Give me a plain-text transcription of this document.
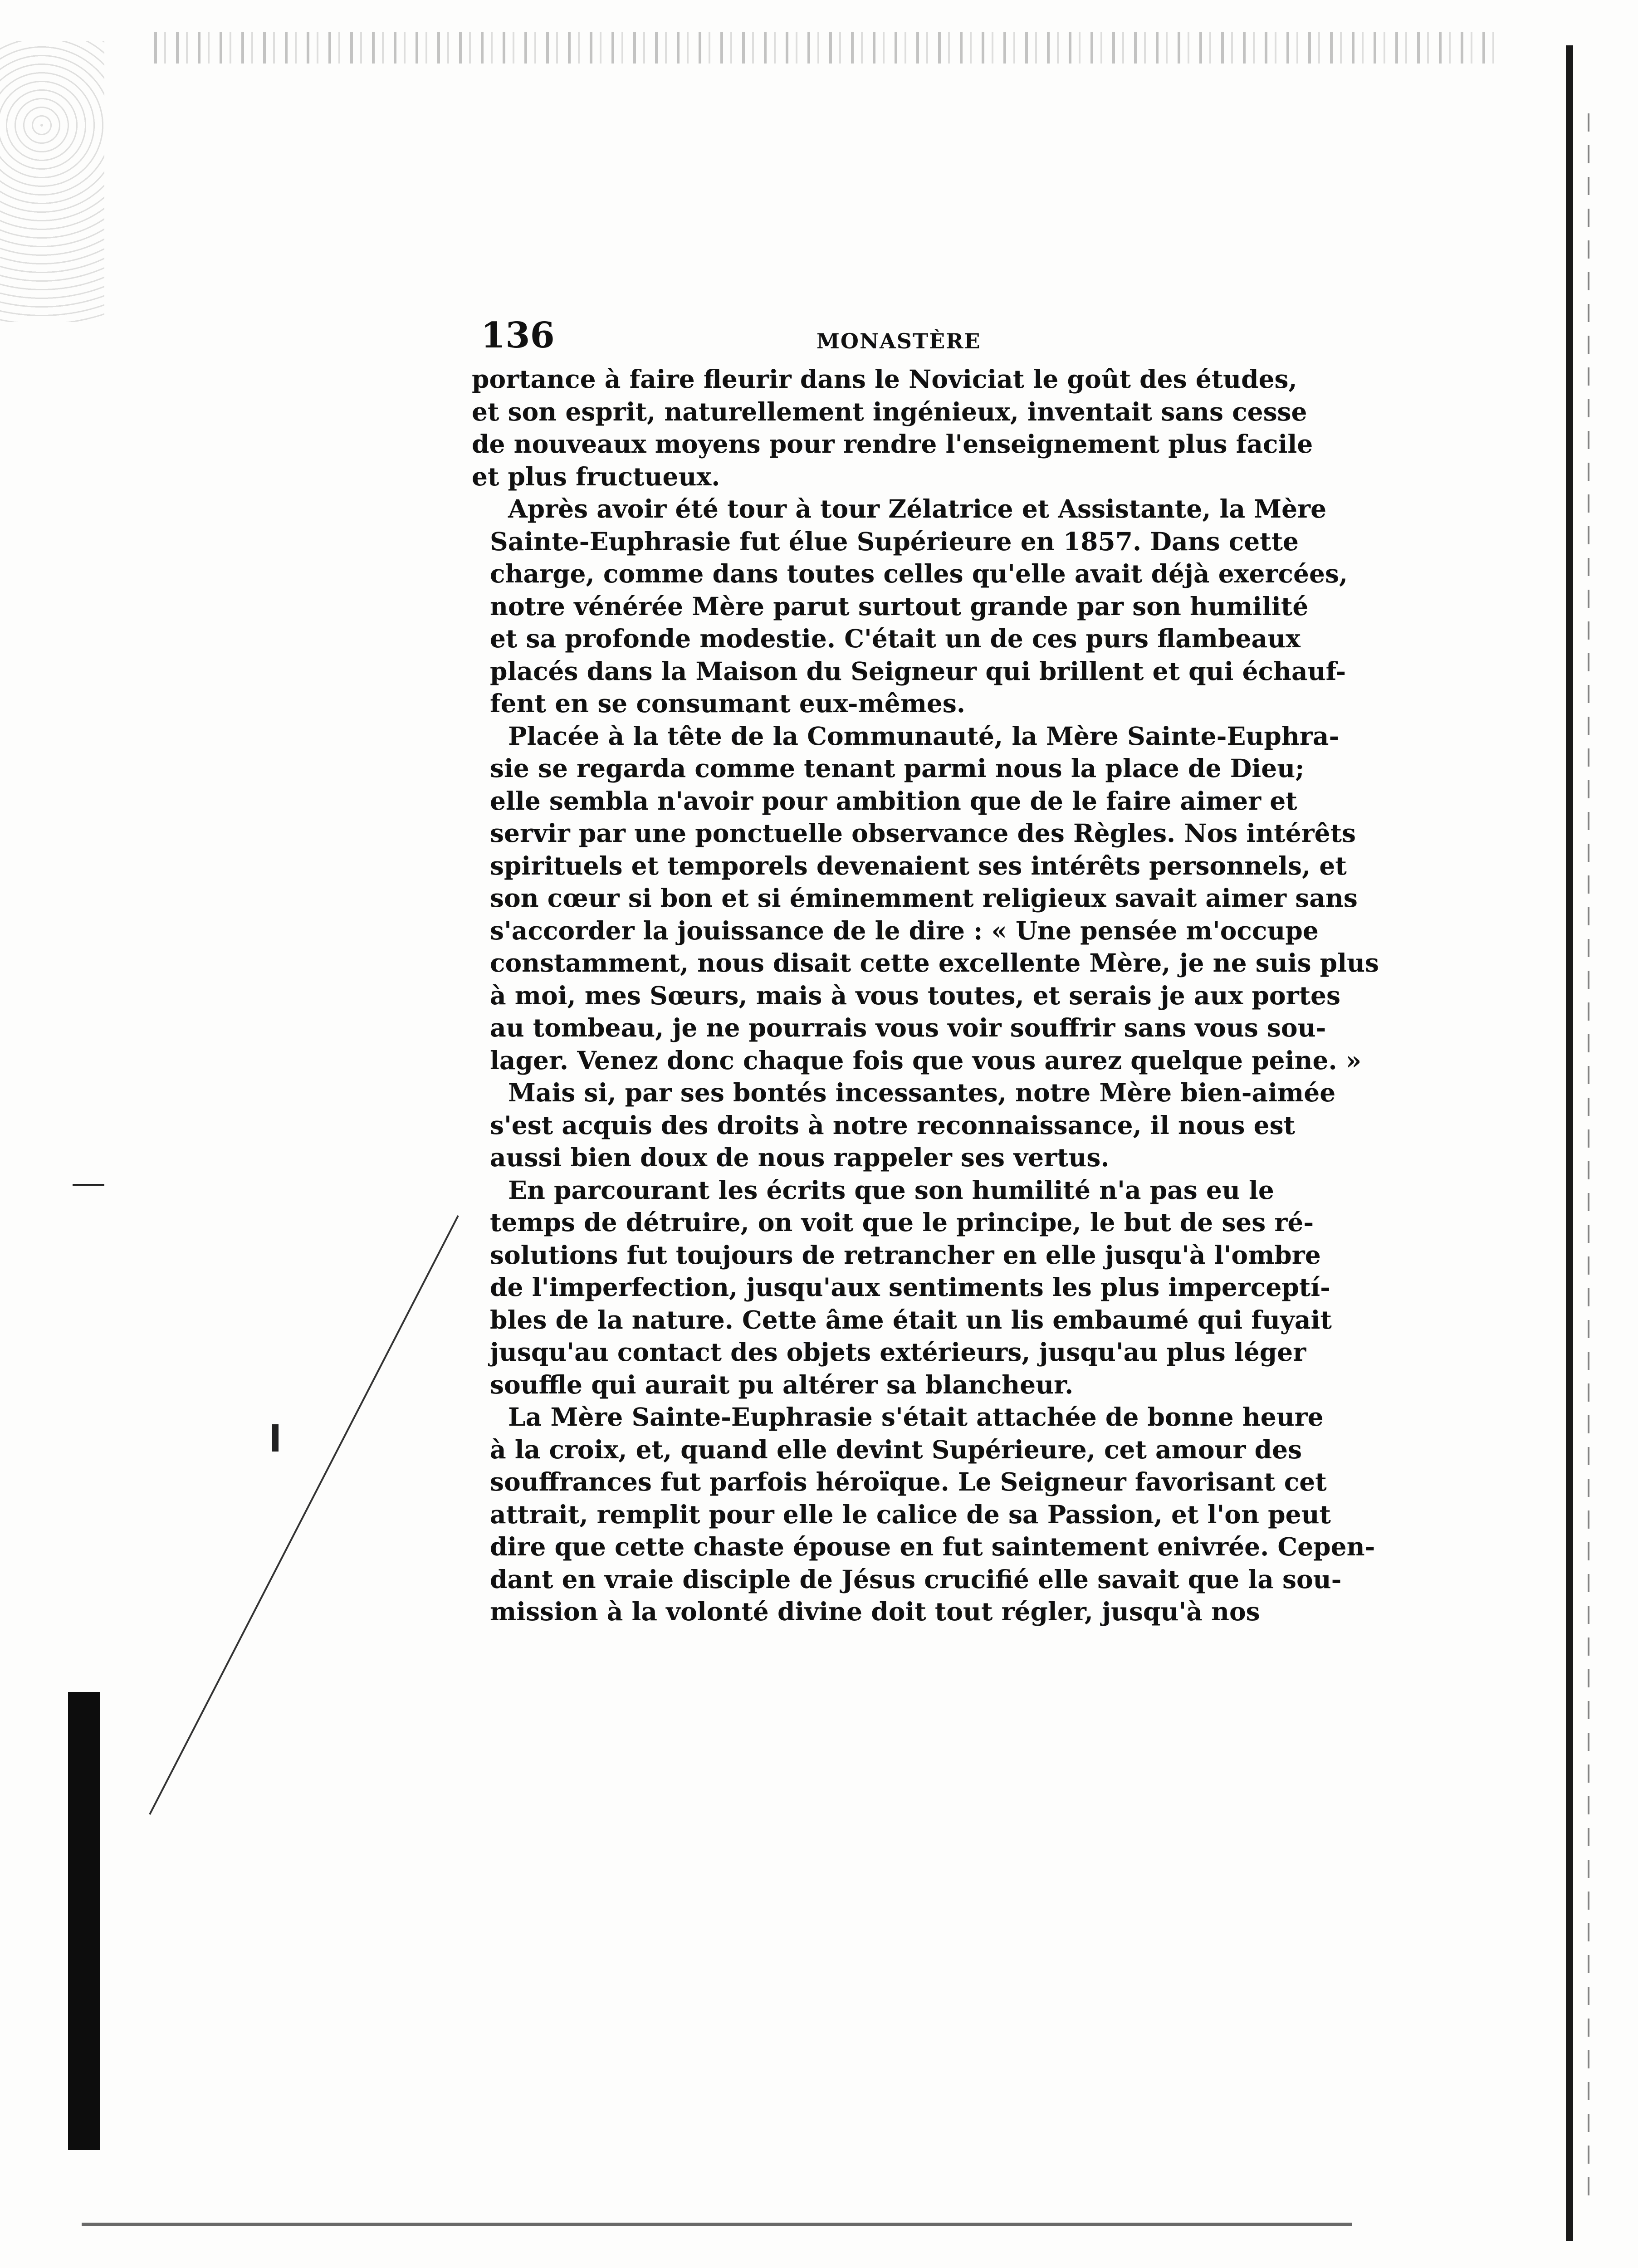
136	MONASTÈRE

portance à faire fleurir dans le Noviciat le goût des études,
et son esprit, naturellement ingénieux, inventait sans cesse
de nouveaux moyens pour rendre l'enseignement plus facile
et plus fructueux.

Après avoir été tour à tour Zélatrice et Assistante, la Mère
Sainte-Euphrasie fut élue Supérieure en 1857. Dans cette
charge, comme dans toutes celles qu'elle avait déjà exercées,
notre vénérée Mère parut surtout grande par son humilité
et sa profonde modestie. C'était un de ces purs flambeaux
placés dans la Maison du Seigneur qui brillent et qui échauf-
fent en se consumant eux-mêmes.

Placée à la tête de la Communauté, la Mère Sainte-Euphra-
sie se regarda comme tenant parmi nous la place de Dieu;
elle sembla n'avoir pour ambition que de le faire aimer et
servir par une ponctuelle observance des Règles. Nos intérêts
spirituels et temporels devenaient ses intérêts personnels, et
son cœur si bon et si éminemment religieux savait aimer sans
s'accorder la jouissance de le dire : « Une pensée m'occupe
constamment, nous disait cette excellente Mère, je ne suis plus
à moi, mes Sœurs, mais à vous toutes, et serais je aux portes
au tombeau, je ne pourrais vous voir souffrir sans vous sou-
lager. Venez donc chaque fois que vous aurez quelque peine. »

Mais si, par ses bontés incessantes, notre Mère bien-aimée
s'est acquis des droits à notre reconnaissance, il nous est
aussi bien doux de nous rappeler ses vertus.

En parcourant les écrits que son humilité n'a pas eu le
temps de détruire, on voit que le principe, le but de ses ré-
solutions fut toujours de retrancher en elle jusqu'à l'ombre
de l'imperfection, jusqu'aux sentiments les plus imperceptí-
bles de la nature. Cette âme était un lis embaumé qui fuyait
jusqu'au contact des objets extérieurs, jusqu'au plus léger
souffle qui aurait pu altérer sa blancheur.

La Mère Sainte-Euphrasie s'était attachée de bonne heure
à la croix, et, quand elle devint Supérieure, cet amour des
souffrances fut parfois héroïque. Le Seigneur favorisant cet
attrait, remplit pour elle le calice de sa Passion, et l'on peut
dire que cette chaste épouse en fut saintement enivrée. Cepen-
dant en vraie disciple de Jésus crucifié elle savait que la sou-
mission à la volonté divine doit tout régler, jusqu'à nos
